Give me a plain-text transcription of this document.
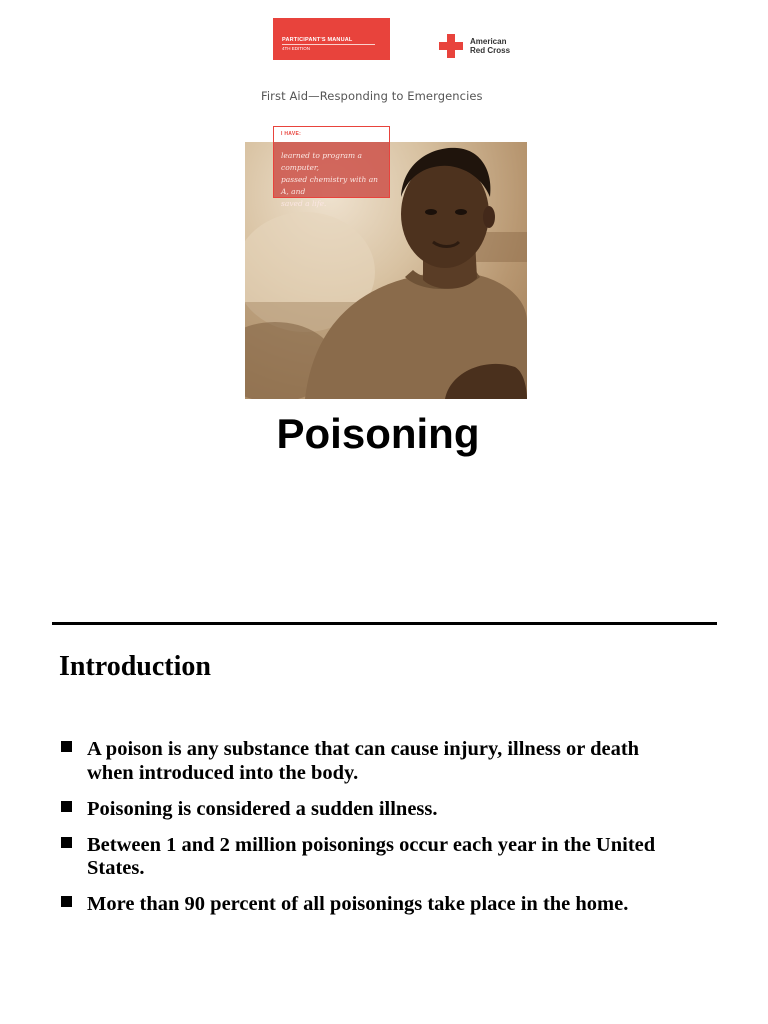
PARTICIPANT'S MANUAL
4TH EDITION
American
Red Cross
First Aid—Responding to Emergencies
I HAVE:
learned to program a computer,
passed chemistry with an A, and
saved a life.
Poisoning
Introduction
A poison is any substance that can cause injury, illness or death when introduced into the body.
Poisoning is considered a sudden illness.
Between 1 and 2 million poisonings occur each year in the United States.
More than 90 percent of all poisonings take place in the home.
